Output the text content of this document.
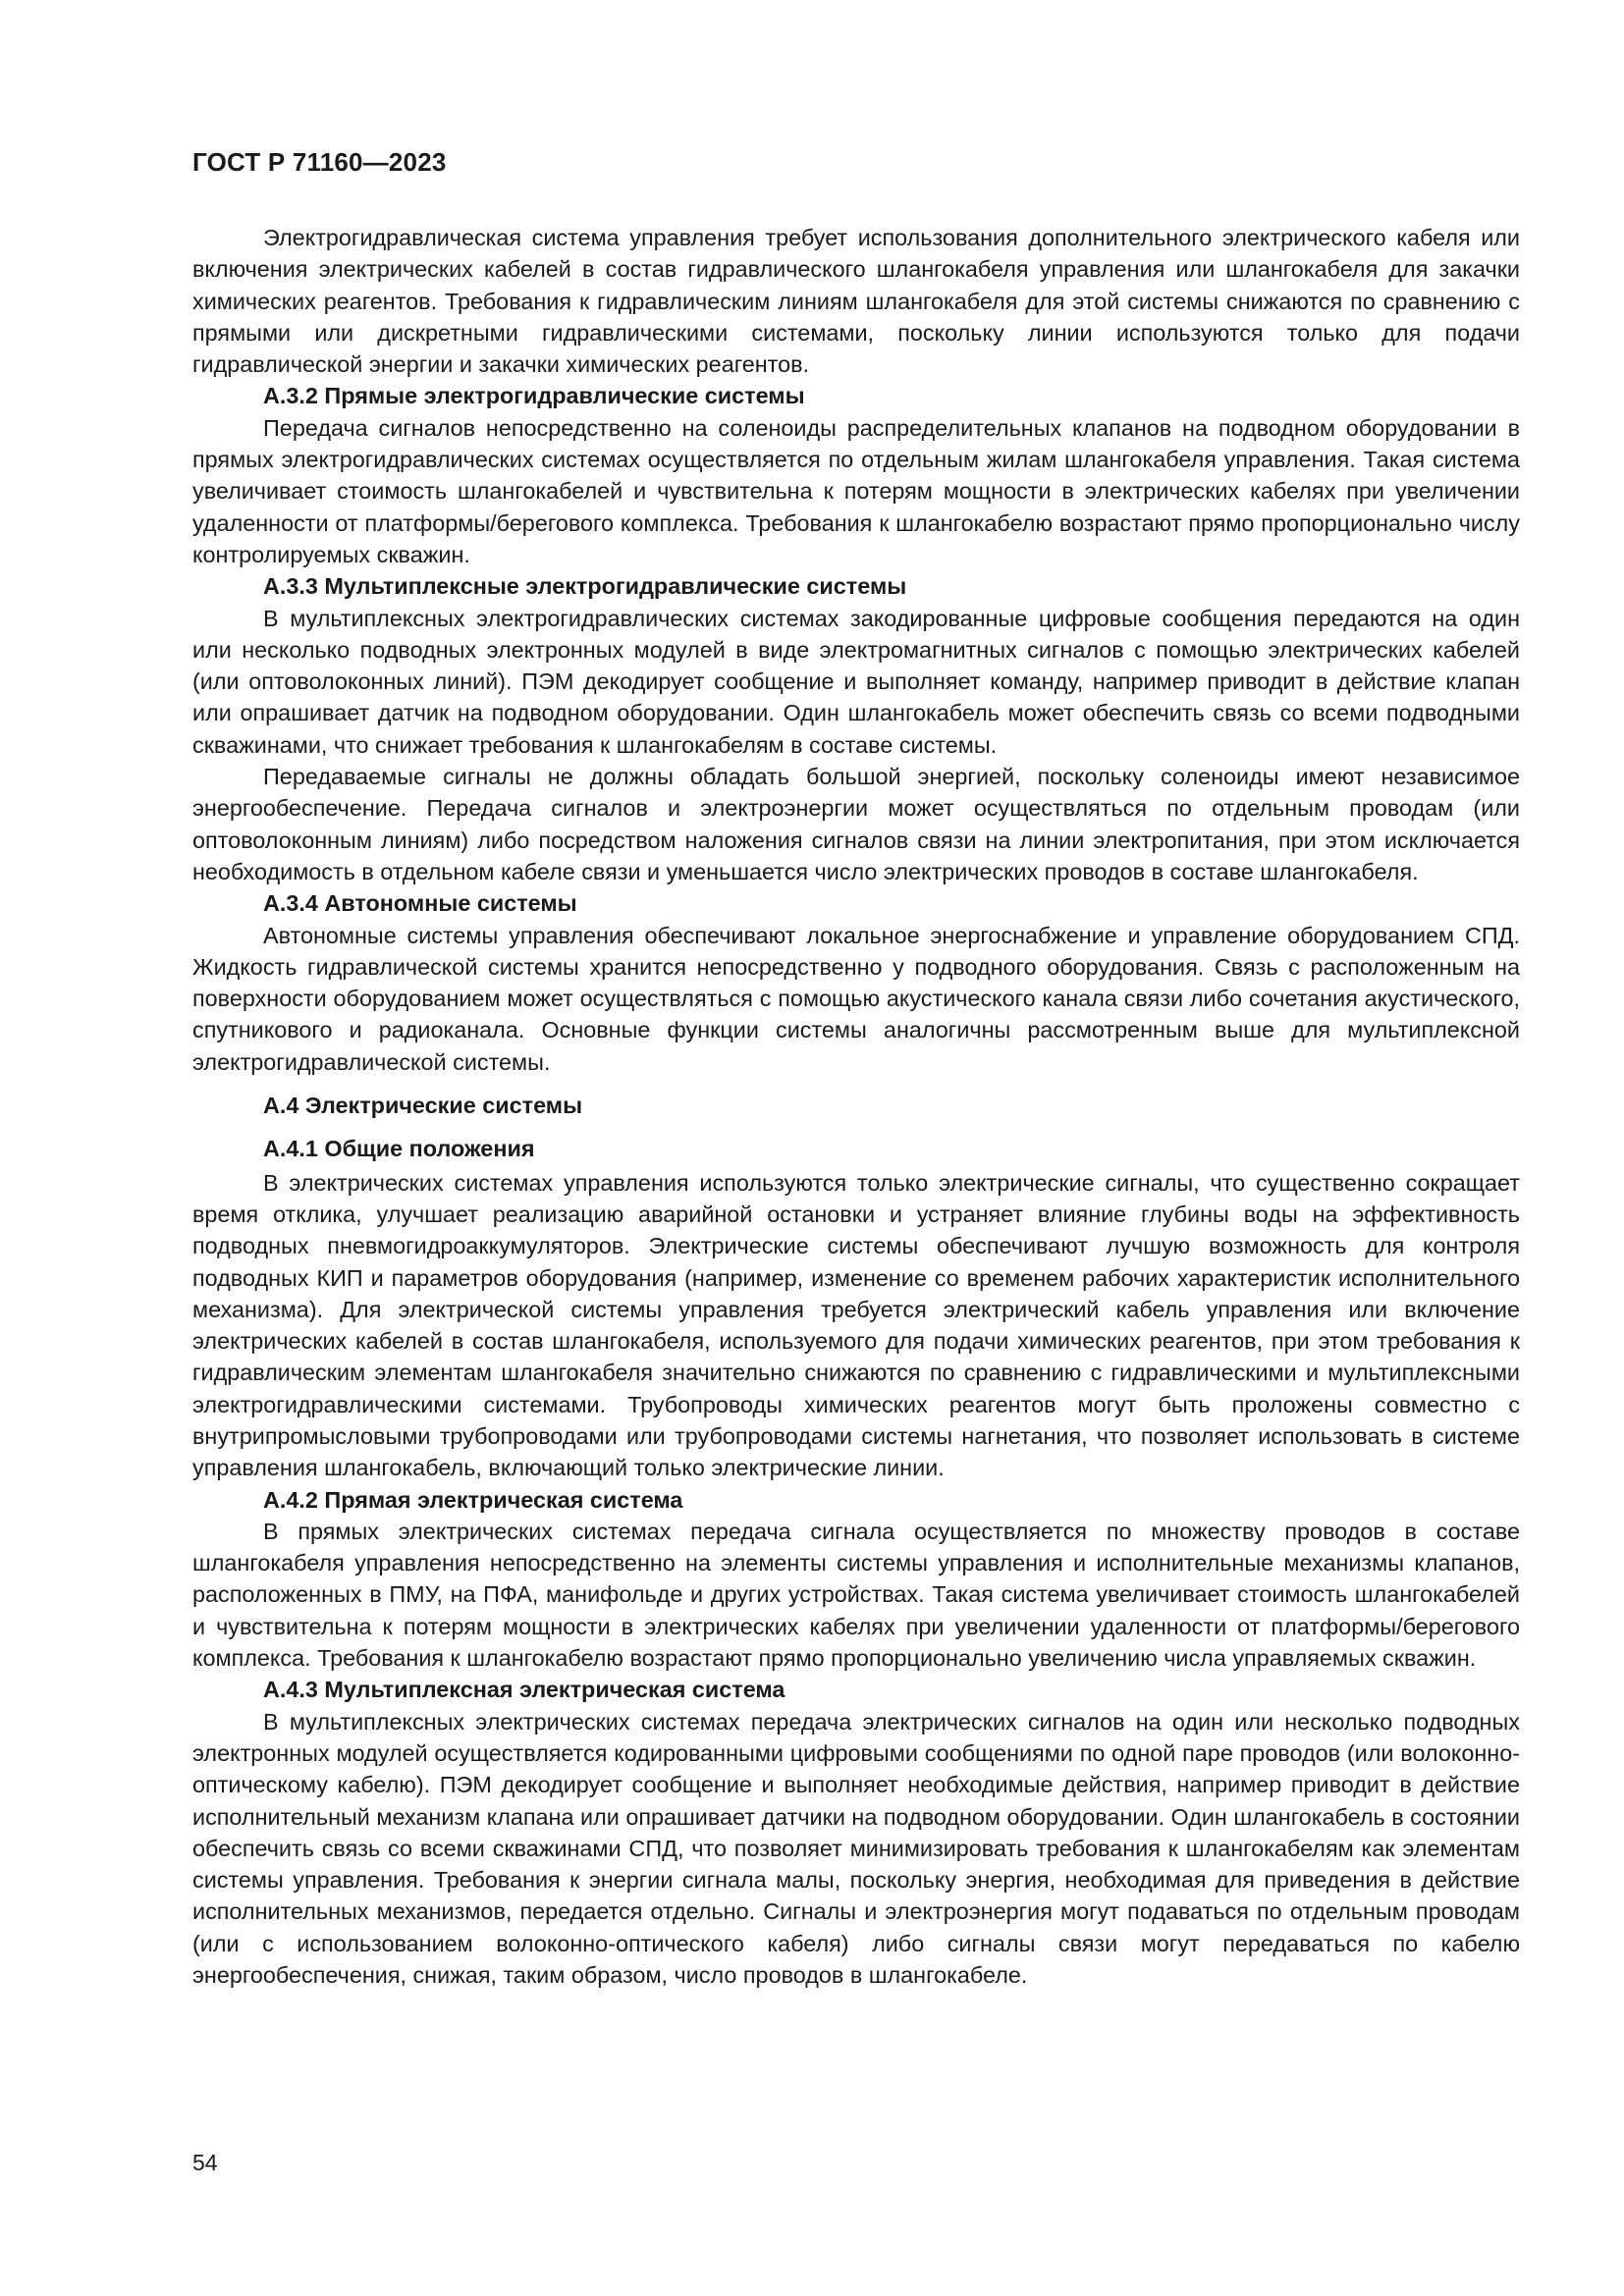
ГОСТ Р 71160—2023

Электрогидравлическая система управления требует использования дополнительного электрического кабеля или включения электрических кабелей в состав гидравлического шлангокабеля управления или шлангокабеля для закачки химических реагентов. Требования к гидравлическим линиям шлангокабеля для этой системы снижаются по сравнению с прямыми или дискретными гидравлическими системами, поскольку линии используются только для подачи гидравлической энергии и закачки химических реагентов.

А.3.2 Прямые электрогидравлические системы

Передача сигналов непосредственно на соленоиды распределительных клапанов на подводном оборудовании в прямых электрогидравлических системах осуществляется по отдельным жилам шлангокабеля управления. Такая система увеличивает стоимость шлангокабелей и чувствительна к потерям мощности в электрических кабелях при увеличении удаленности от платформы/берегового комплекса. Требования к шлангокабелю возрастают прямо пропорционально числу контролируемых скважин.

А.3.3 Мультиплексные электрогидравлические системы

В мультиплексных электрогидравлических системах закодированные цифровые сообщения передаются на один или несколько подводных электронных модулей в виде электромагнитных сигналов с помощью электрических кабелей (или оптоволоконных линий). ПЭМ декодирует сообщение и выполняет команду, например приводит в действие клапан или опрашивает датчик на подводном оборудовании. Один шлангокабель может обеспечить связь со всеми подводными скважинами, что снижает требования к шлангокабелям в составе системы.

Передаваемые сигналы не должны обладать большой энергией, поскольку соленоиды имеют независимое энергообеспечение. Передача сигналов и электроэнергии может осуществляться по отдельным проводам (или оптоволоконным линиям) либо посредством наложения сигналов связи на линии электропитания, при этом исключается необходимость в отдельном кабеле связи и уменьшается число электрических проводов в составе шлангокабеля.

А.3.4 Автономные системы

Автономные системы управления обеспечивают локальное энергоснабжение и управление оборудованием СПД. Жидкость гидравлической системы хранится непосредственно у подводного оборудования. Связь с расположенным на поверхности оборудованием может осуществляться с помощью акустического канала связи либо сочетания акустического, спутникового и радиоканала. Основные функции системы аналогичны рассмотренным выше для мультиплексной электрогидравлической системы.

А.4 Электрические системы
А.4.1 Общие положения

В электрических системах управления используются только электрические сигналы, что существенно сокращает время отклика, улучшает реализацию аварийной остановки и устраняет влияние глубины воды на эффективность подводных пневмогидроаккумуляторов. Электрические системы обеспечивают лучшую возможность для контроля подводных КИП и параметров оборудования (например, изменение со временем рабочих характеристик исполнительного механизма). Для электрической системы управления требуется электрический кабель управления или включение электрических кабелей в состав шлангокабеля, используемого для подачи химических реагентов, при этом требования к гидравлическим элементам шлангокабеля значительно снижаются по сравнению с гидравлическими и мультиплексными электрогидравлическими системами. Трубопроводы химических реагентов могут быть проложены совместно с внутрипромысловыми трубопроводами или трубопроводами системы нагнетания, что позволяет использовать в системе управления шлангокабель, включающий только электрические линии.

А.4.2 Прямая электрическая система

В прямых электрических системах передача сигнала осуществляется по множеству проводов в составе шлангокабеля управления непосредственно на элементы системы управления и исполнительные механизмы клапанов, расположенных в ПМУ, на ПФА, манифольде и других устройствах. Такая система увеличивает стоимость шлангокабелей и чувствительна к потерям мощности в электрических кабелях при увеличении удаленности от платформы/берегового комплекса. Требования к шлангокабелю возрастают прямо пропорционально увеличению числа управляемых скважин.

А.4.3 Мультиплексная электрическая система

В мультиплексных электрических системах передача электрических сигналов на один или несколько подводных электронных модулей осуществляется кодированными цифровыми сообщениями по одной паре проводов (или волоконно-оптическому кабелю). ПЭМ декодирует сообщение и выполняет необходимые действия, например приводит в действие исполнительный механизм клапана или опрашивает датчики на подводном оборудовании. Один шлангокабель в состоянии обеспечить связь со всеми скважинами СПД, что позволяет минимизировать требования к шлангокабелям как элементам системы управления. Требования к энергии сигнала малы, поскольку энергия, необходимая для приведения в действие исполнительных механизмов, передается отдельно. Сигналы и электроэнергия могут подаваться по отдельным проводам (или с использованием волоконно-оптического кабеля) либо сигналы связи могут передаваться по кабелю энергообеспечения, снижая, таким образом, число проводов в шлангокабеле.

54
